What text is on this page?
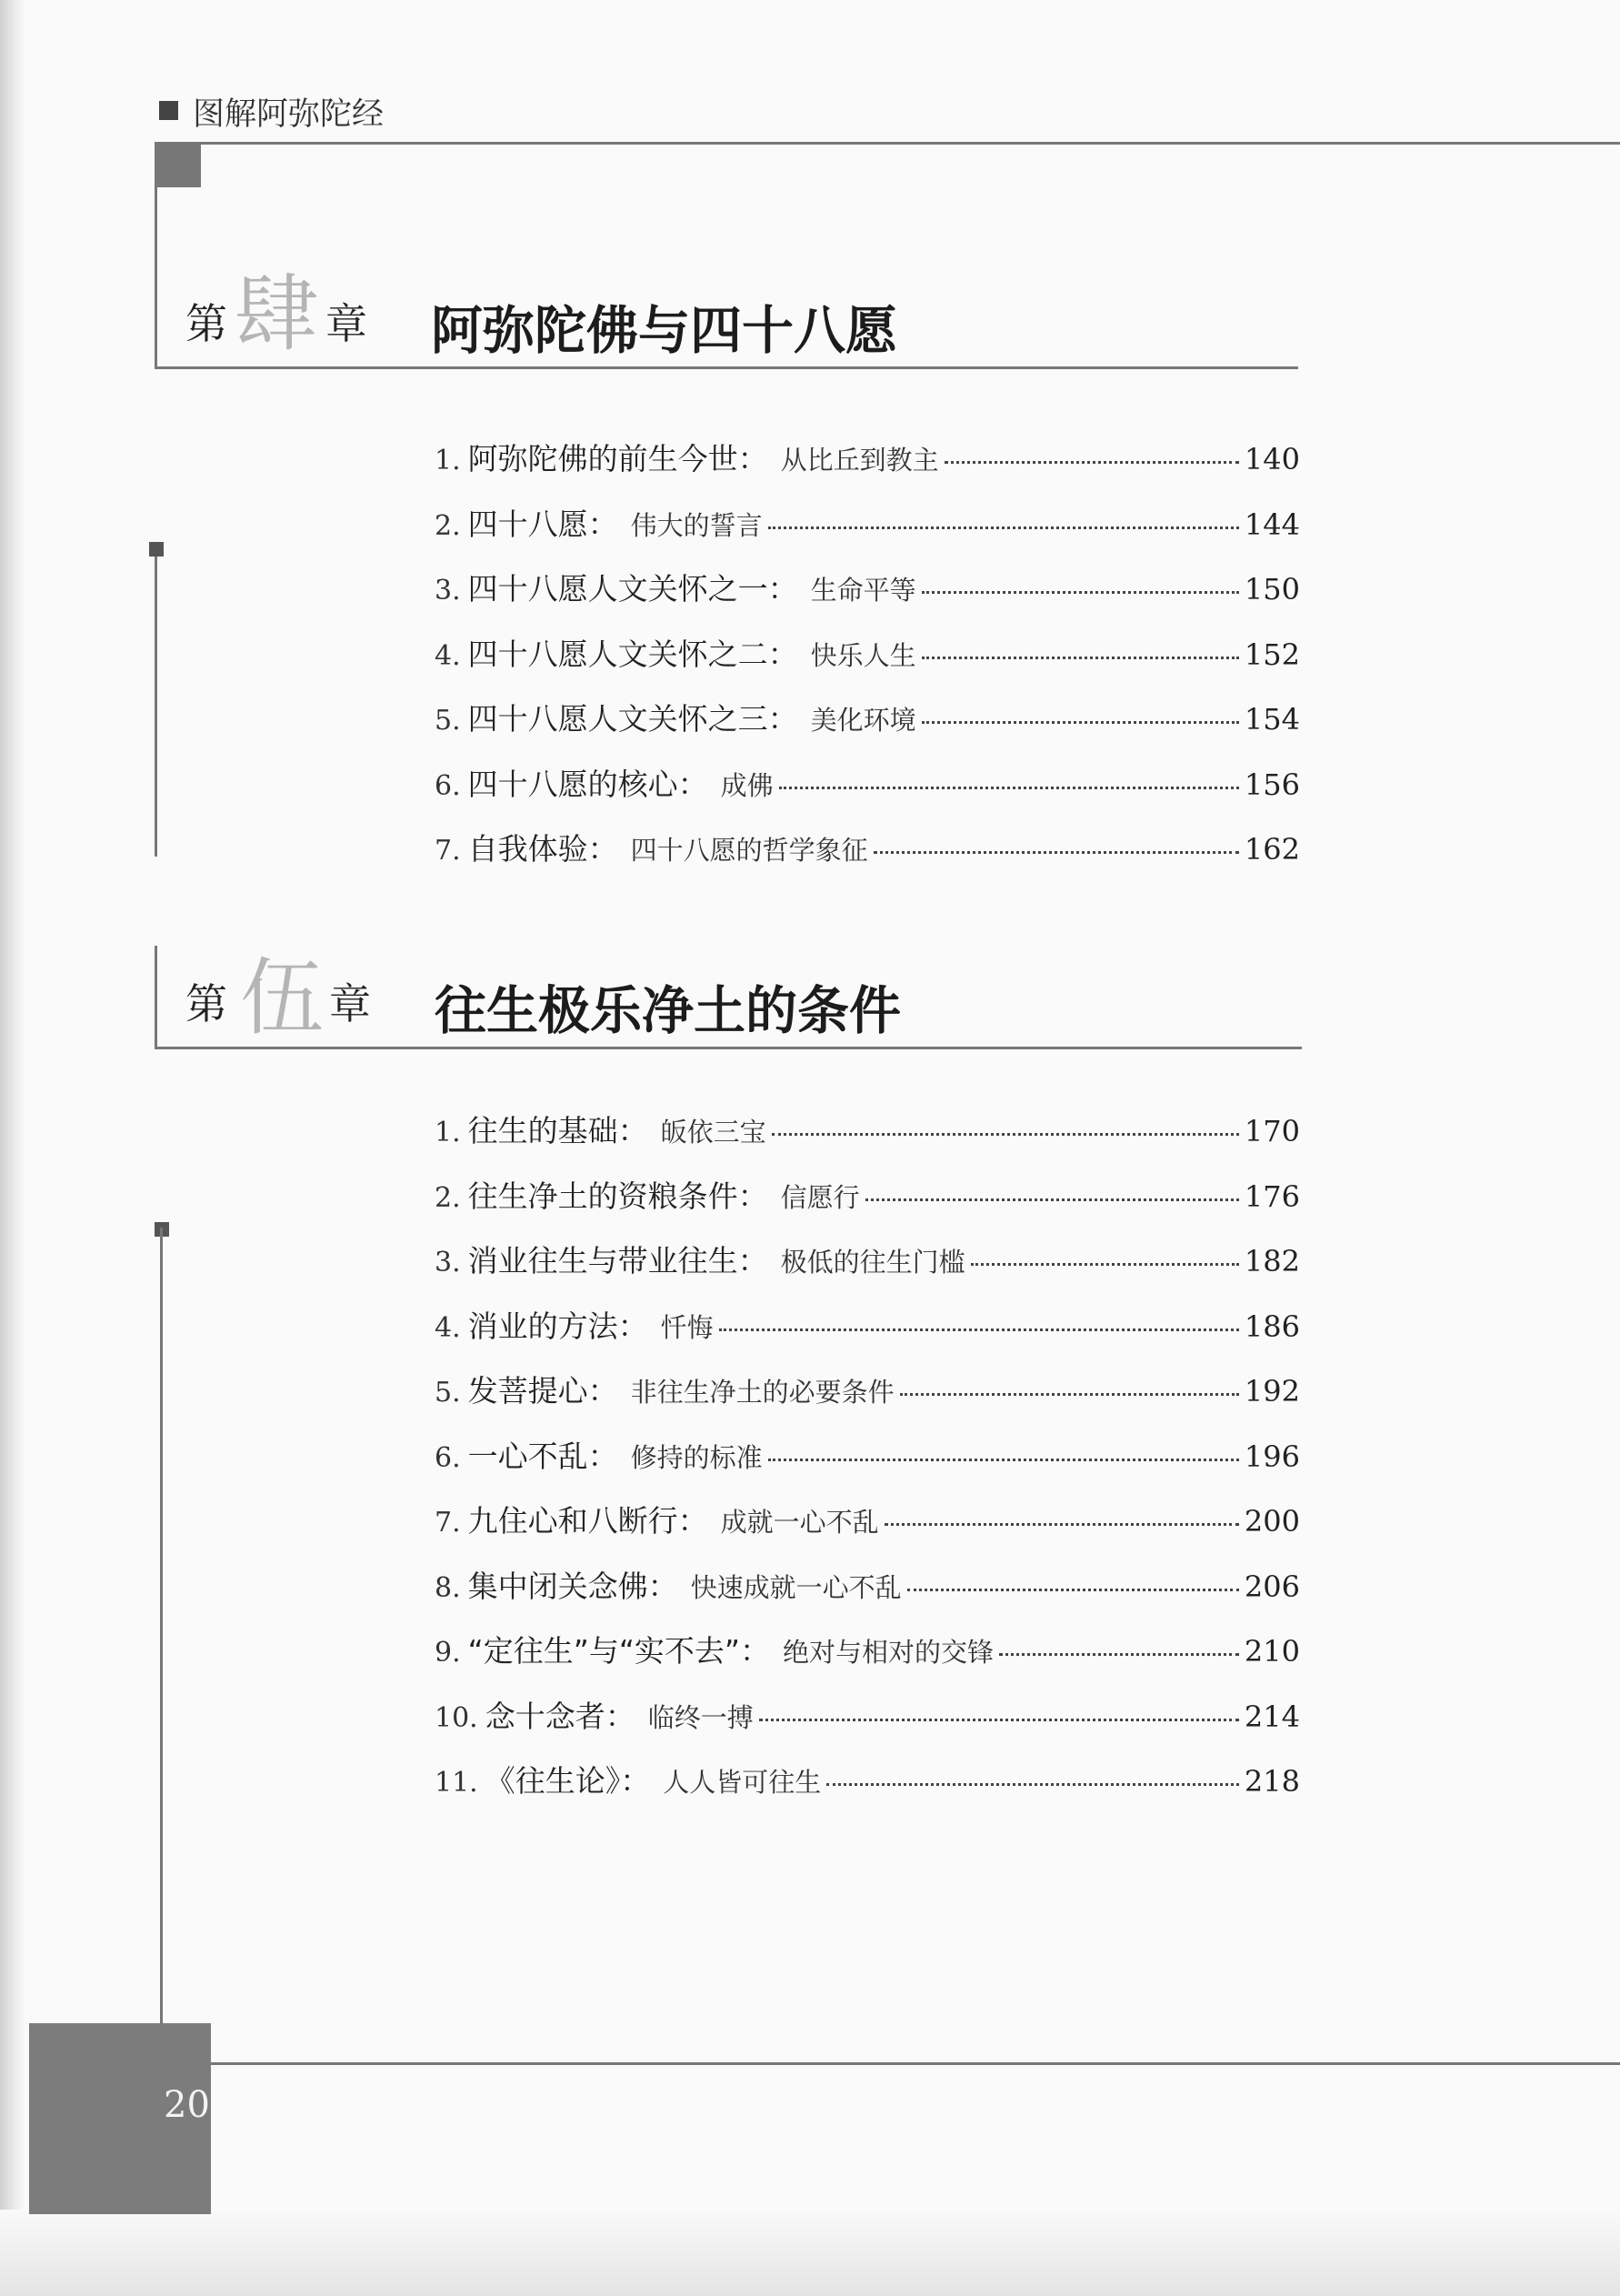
图解阿弥陀经
第 肆 章 阿弥陀佛与四十八愿
1. 阿弥陀佛的前生今世： 从比丘到教主	140
2. 四十八愿： 伟大的誓言	144
3. 四十八愿人文关怀之一： 生命平等	150
4. 四十八愿人文关怀之二： 快乐人生	152
5. 四十八愿人文关怀之三： 美化环境	154
6. 四十八愿的核心： 成佛	156
7. 自我体验： 四十八愿的哲学象征	162
第 伍 章 往生极乐净土的条件
1. 往生的基础： 皈依三宝	170
2. 往生净土的资粮条件： 信愿行	176
3. 消业往生与带业往生： 极低的往生门槛	182
4. 消业的方法： 忏悔	186
5. 发菩提心： 非往生净土的必要条件	192
6. 一心不乱： 修持的标准	196
7. 九住心和八断行： 成就一心不乱	200
8. 集中闭关念佛： 快速成就一心不乱	206
9. “定往生”与“实不去”： 绝对与相对的交锋	210
10. 念十念者： 临终一搏	214
11. 《往生论》： 人人皆可往生	218
20
